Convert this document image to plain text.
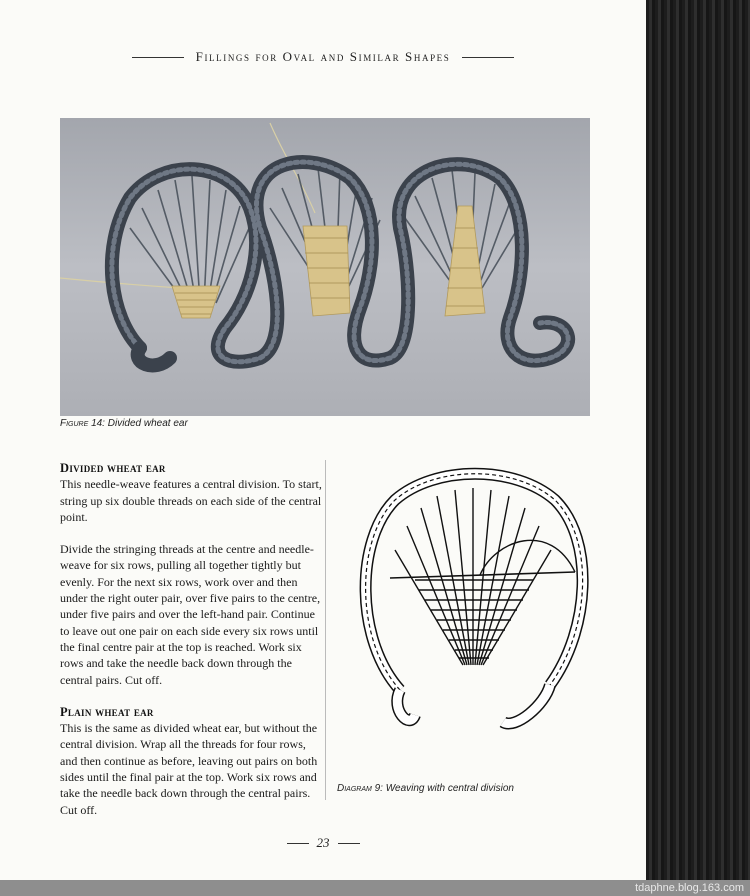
Fillings for Oval and Similar Shapes
Figure 14: Divided wheat ear
Divided wheat ear

This needle-weave features a central division. To start, string up six double threads on each side of the central point.

Divide the stringing threads at the centre and needle-weave for six rows, pulling all together tightly but evenly. For the next six rows, work over and then under the right outer pair, over five pairs to the centre, under five pairs and over the left-hand pair. Continue to leave out one pair on each side every six rows until the final centre pair at the top is reached. Work six rows and take the needle back down through the central pairs. Cut off.

Plain wheat ear

This is the same as divided wheat ear, but without the central division. Wrap all the threads for four rows, and then continue as before, leaving out pairs on both sides until the final pair at the top. Work six rows and take the needle back down through the central pairs. Cut off.

Diagram 9: Weaving with central division
23
tdaphne.blog.163.com
